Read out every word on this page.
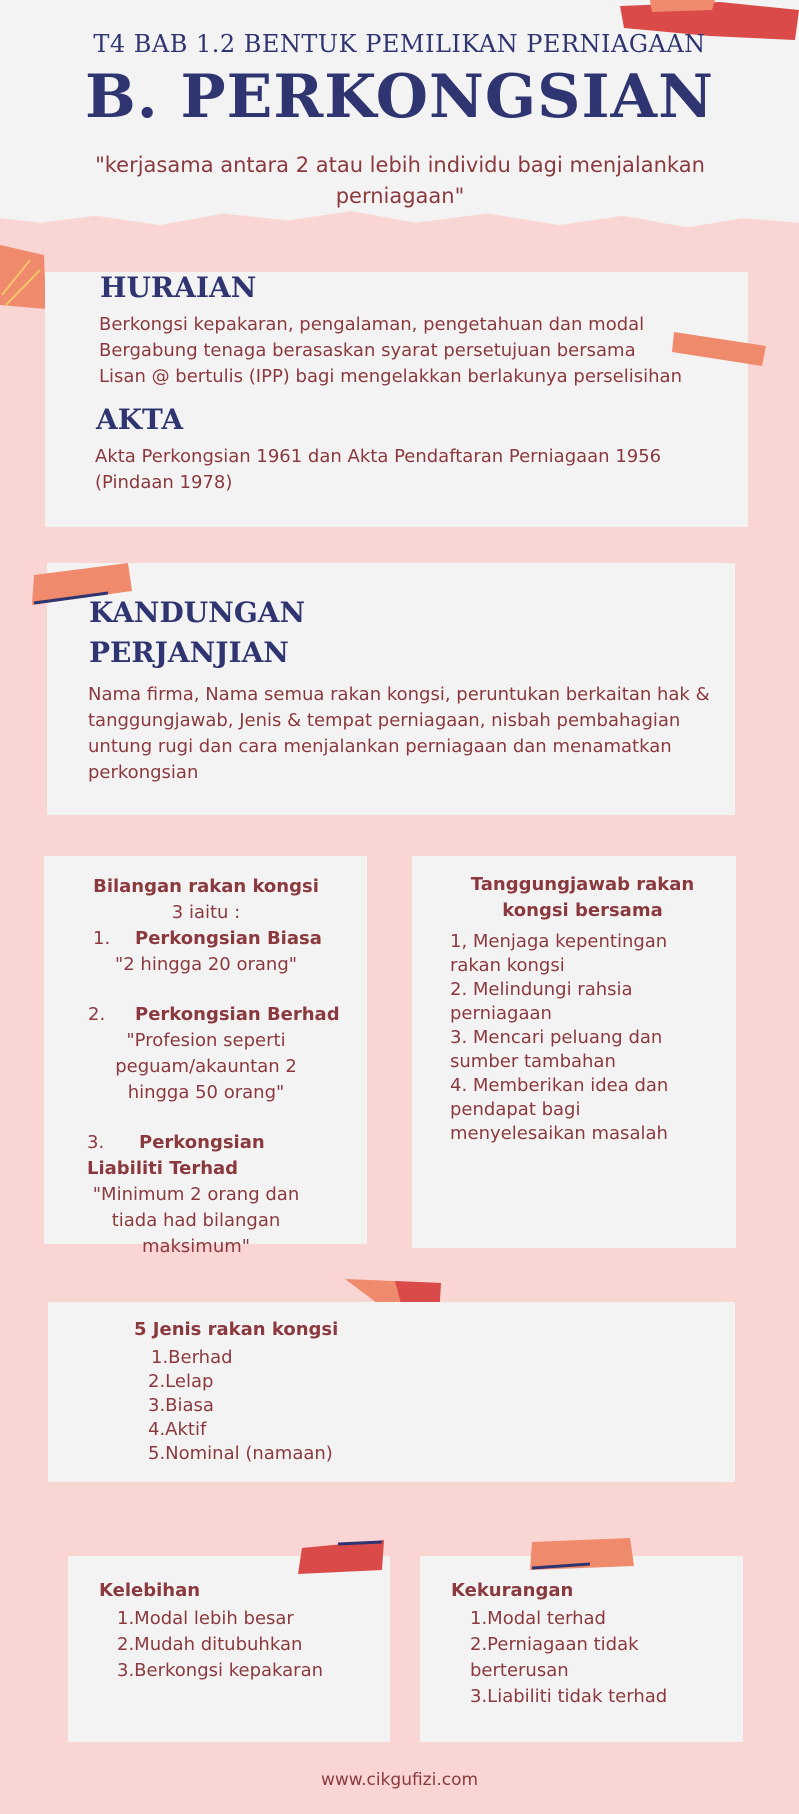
T4 BAB 1.2 BENTUK PEMILIKAN PERNIAGAAN
B. PERKONGSIAN
"kerjasama antara 2 atau lebih individu bagi menjalankan perniagaan"
HURAIAN
Berkongsi kepakaran, pengalaman, pengetahuan dan modal
Bergabung tenaga berasaskan syarat persetujuan bersama
Lisan @ bertulis (IPP) bagi mengelakkan berlakunya perselisihan
AKTA
Akta Perkongsian 1961 dan Akta Pendaftaran Perniagaan 1956 (Pindaan 1978)
KANDUNGAN
PERJANJIAN
Nama firma, Nama semua rakan kongsi, peruntukan berkaitan hak & tanggungjawab, Jenis & tempat perniagaan, nisbah pembahagian untung rugi dan cara menjalankan perniagaan dan menamatkan perkongsian
Bilangan rakan kongsi
3 iaitu :
1. Perkongsian Biasa
"2 hingga 20 orang"
2. Perkongsian Berhad
"Profesion seperti peguam/akauntan 2 hingga 50 orang"
3. Perkongsian Liabiliti Terhad
"Minimum 2 orang dan tiada had bilangan maksimum"
Tanggungjawab rakan kongsi bersama
1, Menjaga kepentingan rakan kongsi
2. Melindungi rahsia perniagaan
3. Mencari peluang dan sumber tambahan
4. Memberikan idea dan pendapat bagi menyelesaikan masalah
5 Jenis rakan kongsi
1.Berhad
2.Lelap
3.Biasa
4.Aktif
5.Nominal (namaan)
Kelebihan
1.Modal lebih besar
2.Mudah ditubuhkan
3.Berkongsi kepakaran
Kekurangan
1.Modal terhad
2.Perniagaan tidak berterusan
3.Liabiliti tidak terhad
www.cikgufizi.com
